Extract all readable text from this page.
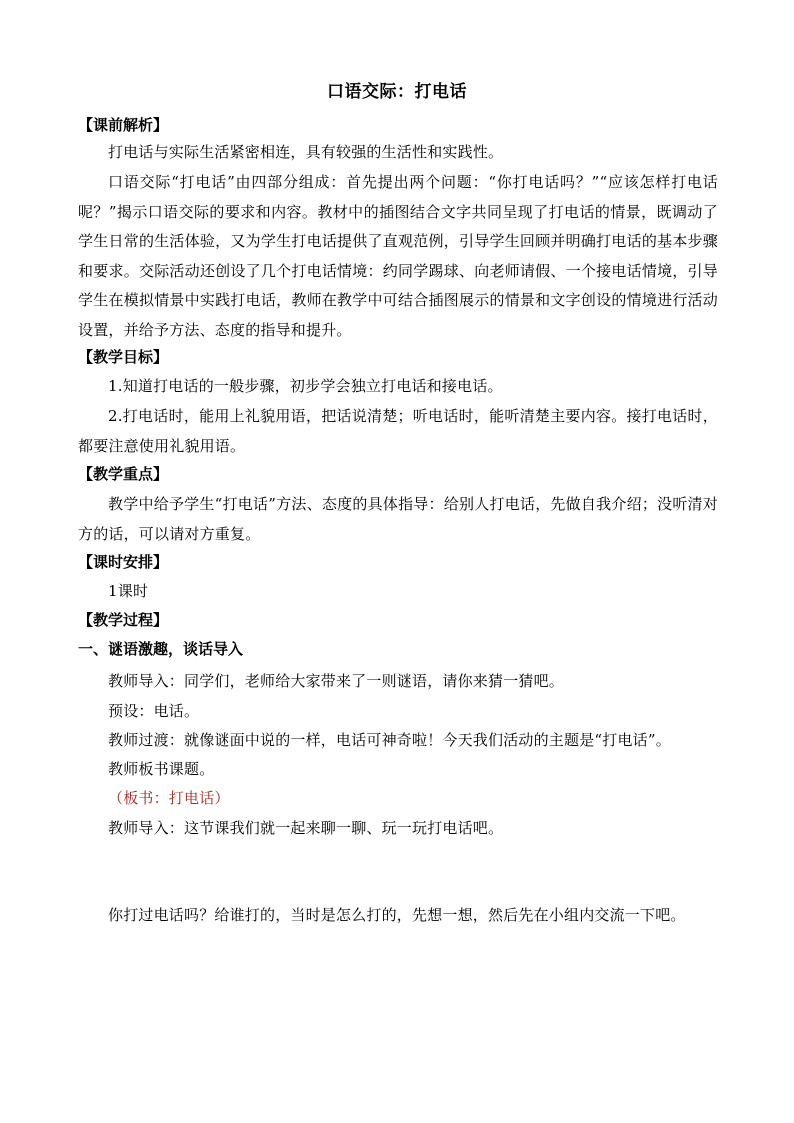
口语交际：打电话
【课前解析】
打电话与实际生活紧密相连，具有较强的生活性和实践性。
口语交际“打电话”由四部分组成：首先提出两个问题：“你打电话吗？”“应该怎样打电话呢？”揭示口语交际的要求和内容。教材中的插图结合文字共同呈现了打电话的情景，既调动了学生日常的生活体验，又为学生打电话提供了直观范例，引导学生回顾并明确打电话的基本步骤和要求。交际活动还创设了几个打电话情境：约同学踢球、向老师请假、一个接电话情境，引导学生在模拟情景中实践打电话，教师在教学中可结合插图展示的情景和文字创设的情境进行活动设置，并给予方法、态度的指导和提升。
【教学目标】
1.知道打电话的一般步骤，初步学会独立打电话和接电话。
2.打电话时，能用上礼貌用语，把话说清楚；听电话时，能听清楚主要内容。接打电话时，都要注意使用礼貌用语。
【教学重点】
教学中给予学生“打电话”方法、态度的具体指导：给别人打电话，先做自我介绍；没听清对方的话，可以请对方重复。
【课时安排】
1课时
【教学过程】
一、谜语激趣，谈话导入
教师导入：同学们，老师给大家带来了一则谜语，请你来猜一猜吧。
预设：电话。
教师过渡：就像谜面中说的一样，电话可神奇啦！今天我们活动的主题是“打电话”。
教师板书课题。
（板书：打电话）
教师导入：这节课我们就一起来聊一聊、玩一玩打电话吧。
你打过电话吗？给谁打的，当时是怎么打的，先想一想，然后先在小组内交流一下吧。
